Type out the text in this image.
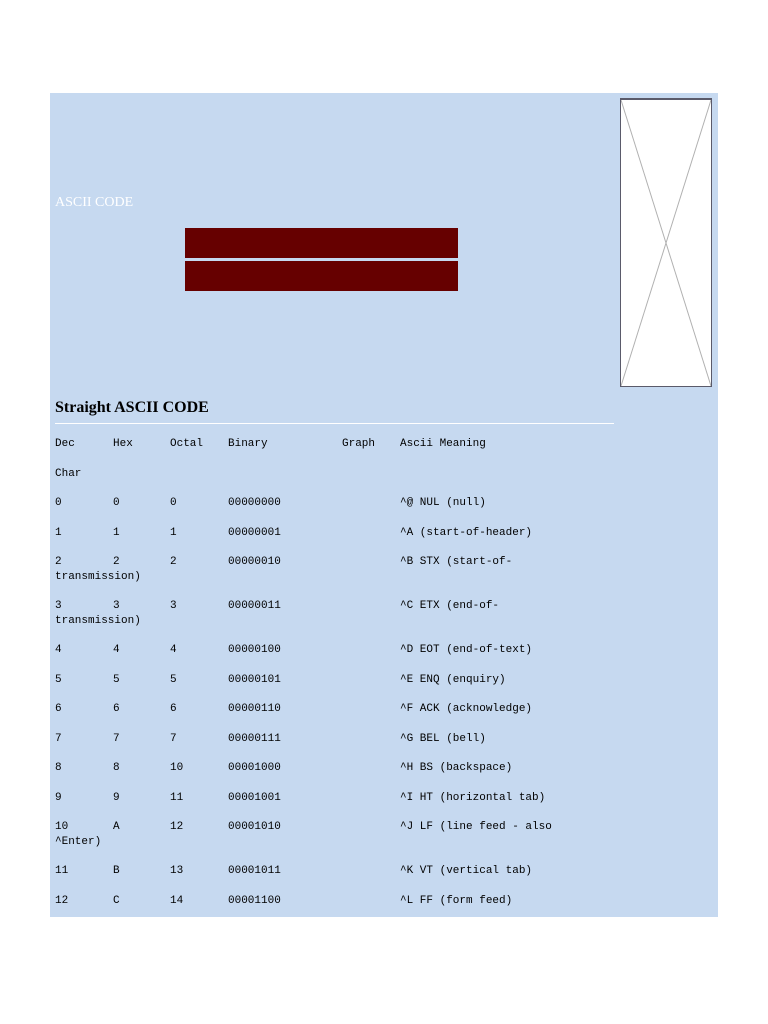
ASCII CODE
Straight ASCII CODE
Dec	Hex	Octal Binary	Graph Ascii Meaning
Char
0	0	0	00000000	^@ NUL (null)
1	1	1	00000001	^A (start-of-header)
2	2	2	00000010	^B STX (start-of-
transmission)
3	3	3	00000011	^C ETX (end-of-
transmission)
4	4	4	00000100	^D EOT (end-of-text)
5	5	5	00000101	^E ENQ (enquiry)
6	6	6	00000110	^F ACK (acknowledge)
7	7	7	00000111	^G BEL (bell)
8	8	10	00001000	^H BS (backspace)
9	9	11	00001001	^I HT (horizontal tab)
10	A	12	00001010	^J LF (line feed - also
^Enter)
11	B	13	00001011	^K VT (vertical tab)
12	C	14	00001100	^L FF (form feed)
